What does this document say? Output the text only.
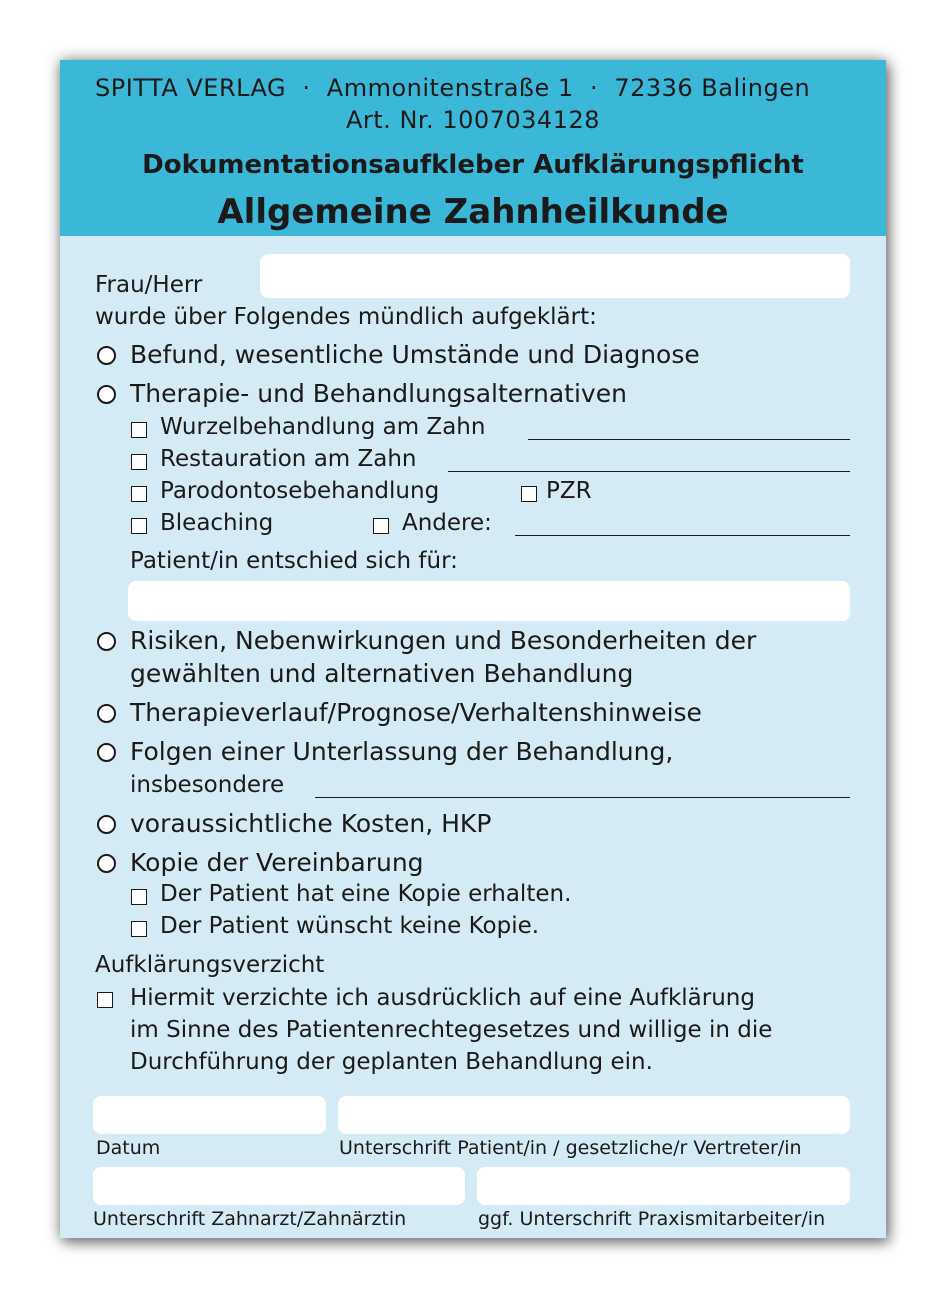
SPITTA VERLAG  ·  Ammonitenstraße 1  ·  72336 Balingen
Art. Nr. 1007034128
Dokumentationsaufkleber Aufklärungspflicht
Allgemeine Zahnheilkunde
Frau/Herr
wurde über Folgendes mündlich aufgeklärt:
Befund, wesentliche Umstände und Diagnose
Therapie- und Behandlungsalternativen
Wurzelbehandlung am Zahn
Restauration am Zahn
Parodontosebehandlung	PZR
Bleaching	Andere:
Patient/in entschied sich für:
Risiken, Nebenwirkungen und Besonderheiten der
gewählten und alternativen Behandlung
Therapieverlauf/Prognose/Verhaltenshinweise
Folgen einer Unterlassung der Behandlung,
insbesondere
voraussichtliche Kosten, HKP
Kopie der Vereinbarung
Der Patient hat eine Kopie erhalten.
Der Patient wünscht keine Kopie.
Aufklärungsverzicht
Hiermit verzichte ich ausdrücklich auf eine Aufklärung
im Sinne des Patientenrechtegesetzes und willige in die
Durchführung der geplanten Behandlung ein.
Datum	Unterschrift Patient/in / gesetzliche/r Vertreter/in
Unterschrift Zahnarzt/Zahnärztin	ggf. Unterschrift Praxismitarbeiter/in
